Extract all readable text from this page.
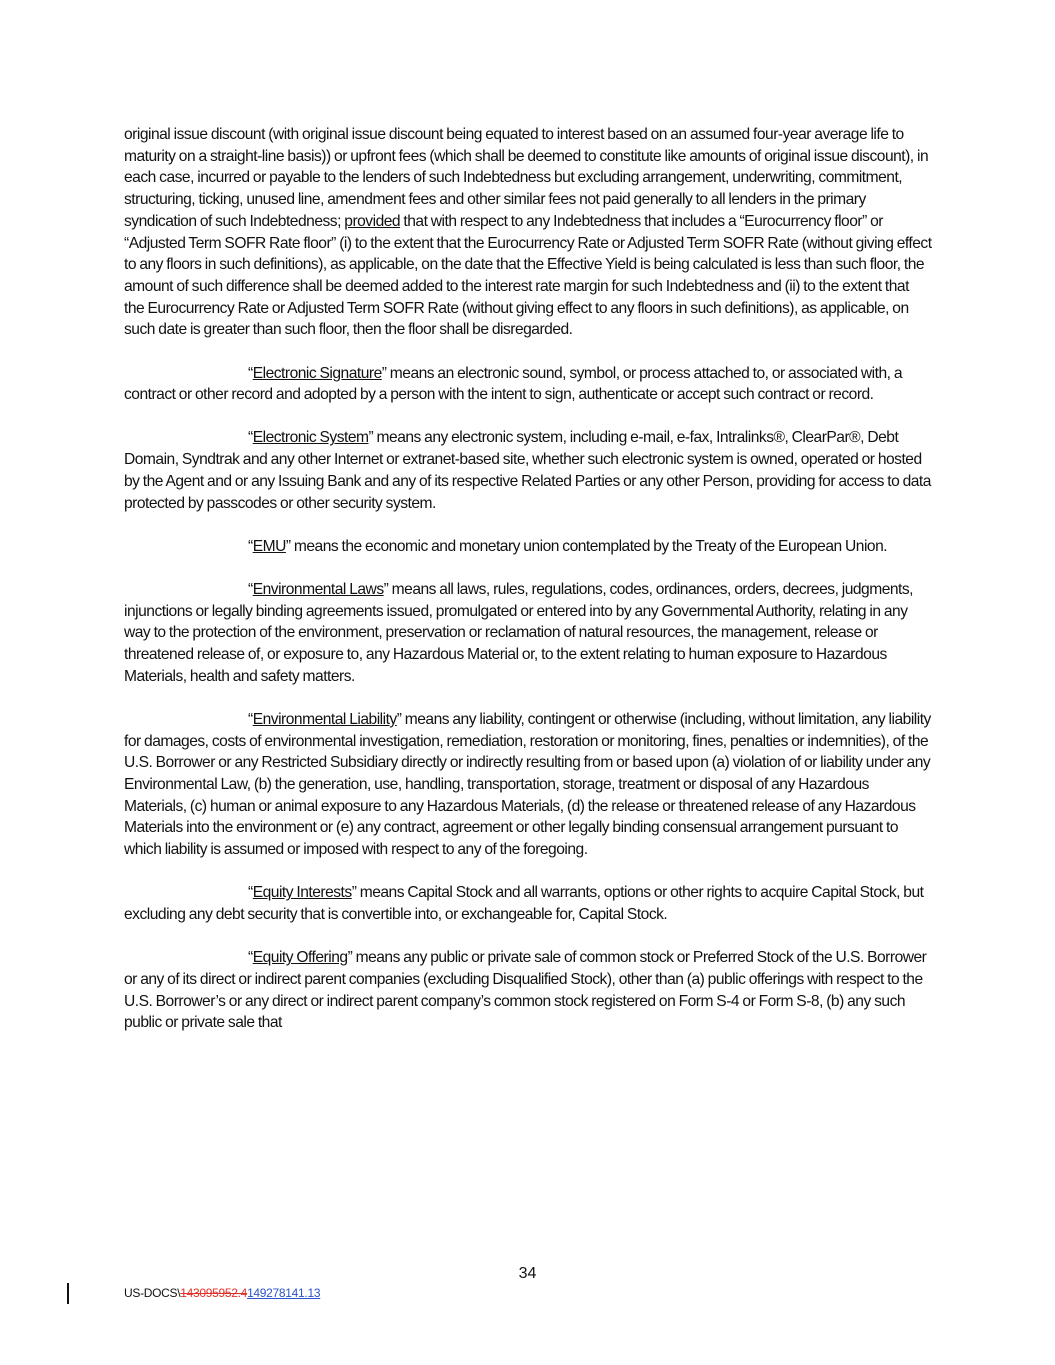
original issue discount (with original issue discount being equated to interest based on an assumed four-year average life to maturity on a straight-line basis)) or upfront fees (which shall be deemed to constitute like amounts of original issue discount), in each case, incurred or payable to the lenders of such Indebtedness but excluding arrangement, underwriting, commitment, structuring, ticking, unused line, amendment fees and other similar fees not paid generally to all lenders in the primary syndication of such Indebtedness; provided that with respect to any Indebtedness that includes a “Eurocurrency floor” or “Adjusted Term SOFR Rate floor” (i) to the extent that the Eurocurrency Rate or Adjusted Term SOFR Rate (without giving effect to any floors in such definitions), as applicable, on the date that the Effective Yield is being calculated is less than such floor, the amount of such difference shall be deemed added to the interest rate margin for such Indebtedness and (ii) to the extent that the Eurocurrency Rate or Adjusted Term SOFR Rate (without giving effect to any floors in such definitions), as applicable, on such date is greater than such floor, then the floor shall be disregarded.

“Electronic Signature” means an electronic sound, symbol, or process attached to, or associated with, a contract or other record and adopted by a person with the intent to sign, authenticate or accept such contract or record.

“Electronic System” means any electronic system, including e-mail, e-fax, Intralinks®, ClearPar®, Debt Domain, Syndtrak and any other Internet or extranet-based site, whether such electronic system is owned, operated or hosted by the Agent and or any Issuing Bank and any of its respective Related Parties or any other Person, providing for access to data protected by passcodes or other security system.

“EMU” means the economic and monetary union contemplated by the Treaty of the European Union.

“Environmental Laws” means all laws, rules, regulations, codes, ordinances, orders, decrees, judgments, injunctions or legally binding agreements issued, promulgated or entered into by any Governmental Authority, relating in any way to the protection of the environment, preservation or reclamation of natural resources, the management, release or threatened release of, or exposure to, any Hazardous Material or, to the extent relating to human exposure to Hazardous Materials, health and safety matters.

“Environmental Liability” means any liability, contingent or otherwise (including, without limitation, any liability for damages, costs of environmental investigation, remediation, restoration or monitoring, fines, penalties or indemnities), of the U.S. Borrower or any Restricted Subsidiary directly or indirectly resulting from or based upon (a) violation of or liability under any Environmental Law, (b) the generation, use, handling, transportation, storage, treatment or disposal of any Hazardous Materials, (c) human or animal exposure to any Hazardous Materials, (d) the release or threatened release of any Hazardous Materials into the environment or (e) any contract, agreement or other legally binding consensual arrangement pursuant to which liability is assumed or imposed with respect to any of the foregoing.

“Equity Interests” means Capital Stock and all warrants, options or other rights to acquire Capital Stock, but excluding any debt security that is convertible into, or exchangeable for, Capital Stock.

“Equity Offering” means any public or private sale of common stock or Preferred Stock of the U.S. Borrower or any of its direct or indirect parent companies (excluding Disqualified Stock), other than (a) public offerings with respect to the U.S. Borrower’s or any direct or indirect parent company’s common stock registered on Form S-4 or Form S-8, (b) any such public or private sale that

34
US-DOCS\143095952.4149278141.13
